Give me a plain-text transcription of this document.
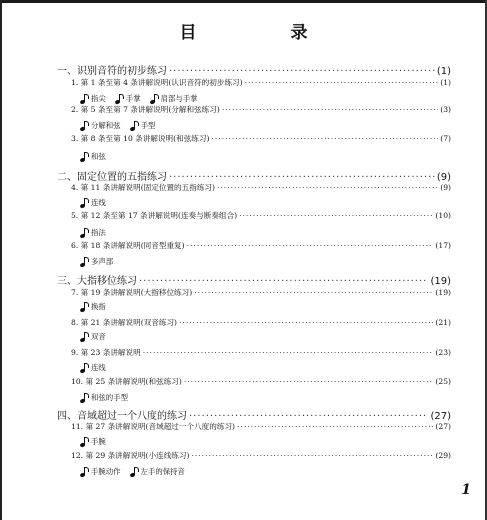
目 录
一、识别音符的初步练习 ·····	(1)
1. 第 1 条至第 4 条讲解说明(认识音符的初步练习) ·····	(1)
指尖	手掌	肩部与手掌
2. 第 5 条至第 7 条讲解说明(分解和弦练习) ·····	(3)
分解和弦	手型
3. 第 8 条至第 10 条讲解说明(和弦练习) ·····	(7)
和弦
二、固定位置的五指练习 ·····	(9)
4. 第 11 条讲解说明(固定位置的五指练习) ·····	(9)
连线
5. 第 12 条至第 17 条讲解说明(连奏与断奏组合) ·····	(10)
指法
6. 第 18 条讲解说明(同音型重复) ·····	(17)
多声部
三、大指移位练习 ·····	(19)
7. 第 19 条讲解说明(大指移位练习) ·····	(19)
换指
8. 第 21 条讲解说明(双音练习) ·····	(21)
双音
9. 第 23 条讲解说明 ·····	(23)
连线
10. 第 25 条讲解说明(和弦练习) ·····	(25)
和弦的手型
四、音域超过一个八度的练习 ·····	(27)
11. 第 27 条讲解说明(音域超过一个八度的练习) ·····	(27)
手腕
12. 第 29 条讲解说明(小连线练习) ·····	(29)
手腕动作	左手的保持音
1
